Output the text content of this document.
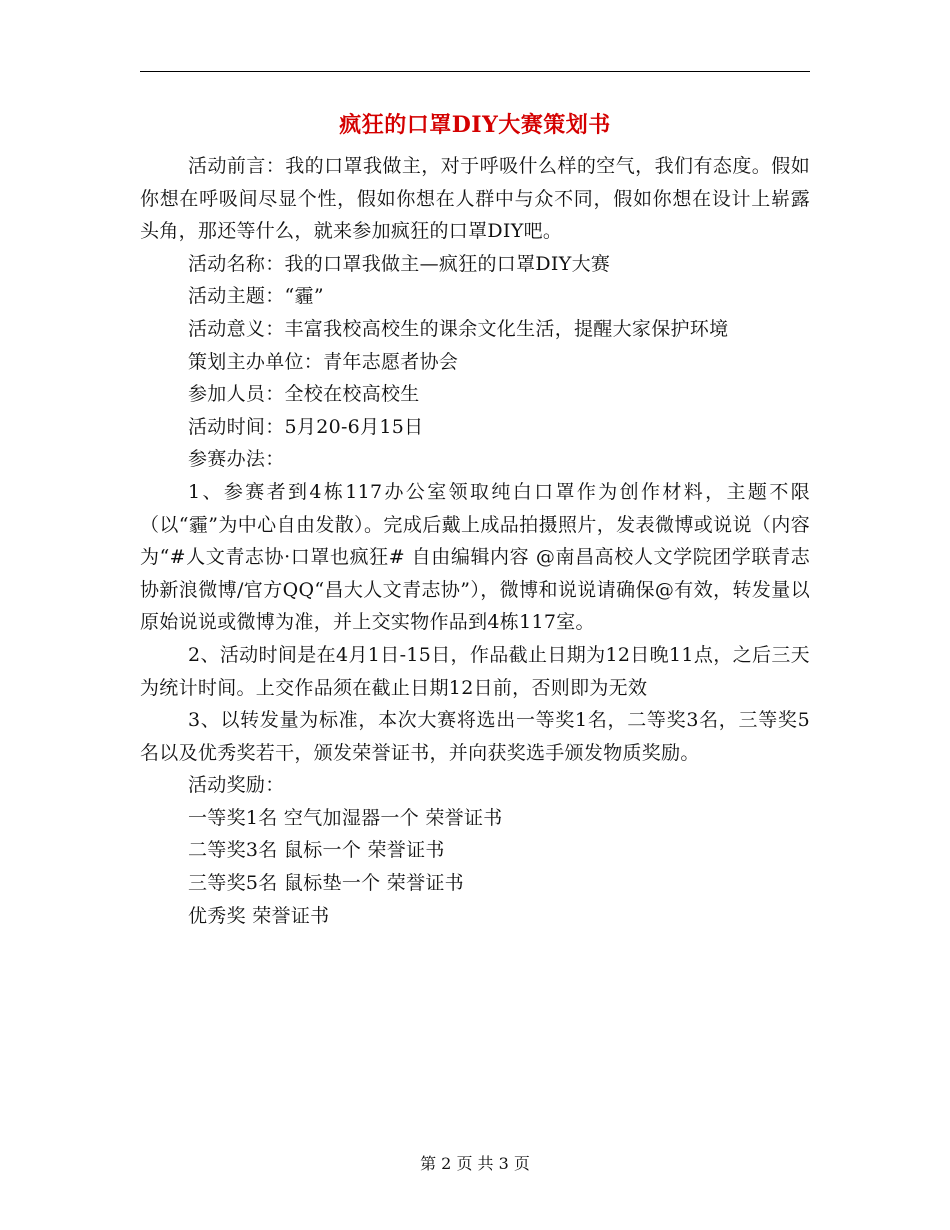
疯狂的口罩DIY大赛策划书

活动前言：我的口罩我做主，对于呼吸什么样的空气，我们有态度。假如你想在呼吸间尽显个性，假如你想在人群中与众不同，假如你想在设计上崭露头角，那还等什么，就来参加疯狂的口罩DIY吧。

活动名称：我的口罩我做主—疯狂的口罩DIY大赛

活动主题：“霾”

活动意义：丰富我校高校生的课余文化生活，提醒大家保护环境

策划主办单位：青年志愿者协会

参加人员：全校在校高校生

活动时间：5月20-6月15日

参赛办法：

1、参赛者到4栋117办公室领取纯白口罩作为创作材料，主题不限（以“霾”为中心自由发散）。完成后戴上成品拍摄照片，发表微博或说说（内容为“#人文青志协·口罩也疯狂# 自由编辑内容 @南昌高校人文学院团学联青志协新浪微博/官方QQ“昌大人文青志协”），微博和说说请确保@有效，转发量以原始说说或微博为准，并上交实物作品到4栋117室。

2、活动时间是在4月1日-15日，作品截止日期为12日晚11点，之后三天为统计时间。上交作品须在截止日期12日前，否则即为无效

3、以转发量为标准，本次大赛将选出一等奖1名，二等奖3名，三等奖5名以及优秀奖若干，颁发荣誉证书，并向获奖选手颁发物质奖励。

活动奖励：

一等奖1名 空气加湿器一个 荣誉证书

二等奖3名 鼠标一个 荣誉证书

三等奖5名 鼠标垫一个 荣誉证书

优秀奖 荣誉证书

第 2 页 共 3 页
